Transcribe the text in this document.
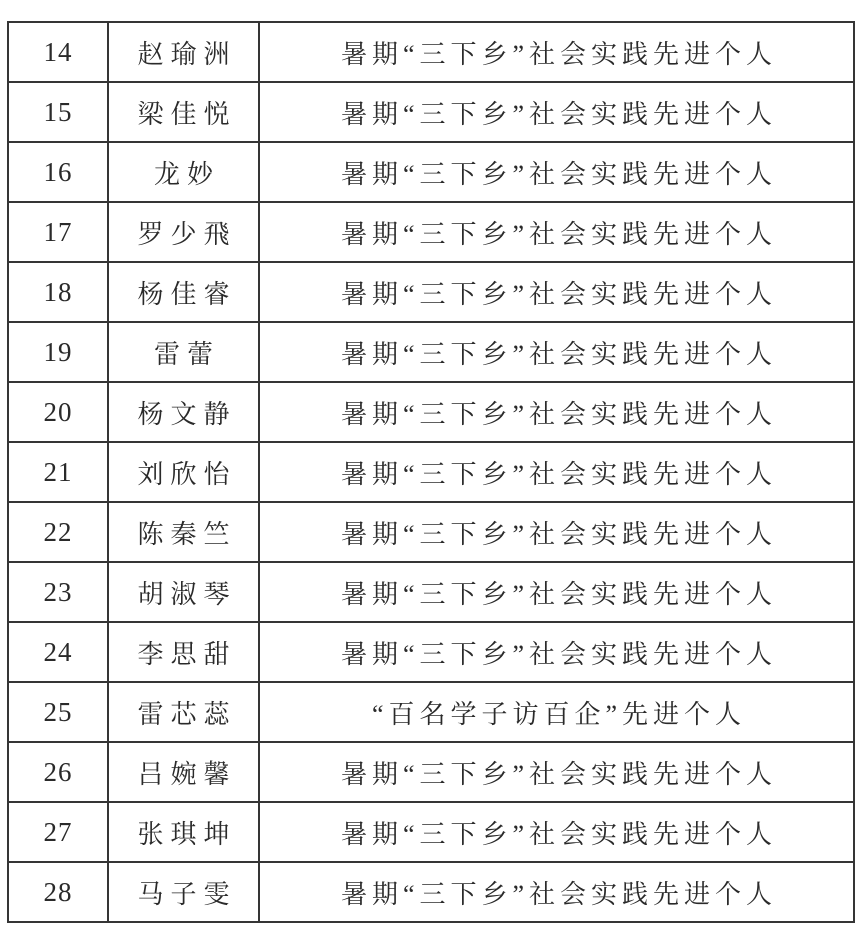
14	赵瑜洲	暑期“三下乡”社会实践先进个人
15	梁佳悦	暑期“三下乡”社会实践先进个人
16	龙妙	暑期“三下乡”社会实践先进个人
17	罗少飛	暑期“三下乡”社会实践先进个人
18	杨佳睿	暑期“三下乡”社会实践先进个人
19	雷蕾	暑期“三下乡”社会实践先进个人
20	杨文静	暑期“三下乡”社会实践先进个人
21	刘欣怡	暑期“三下乡”社会实践先进个人
22	陈秦竺	暑期“三下乡”社会实践先进个人
23	胡淑琴	暑期“三下乡”社会实践先进个人
24	李思甜	暑期“三下乡”社会实践先进个人
25	雷芯蕊	“百名学子访百企”先进个人
26	吕婉馨	暑期“三下乡”社会实践先进个人
27	张琪坤	暑期“三下乡”社会实践先进个人
28	马子雯	暑期“三下乡”社会实践先进个人
